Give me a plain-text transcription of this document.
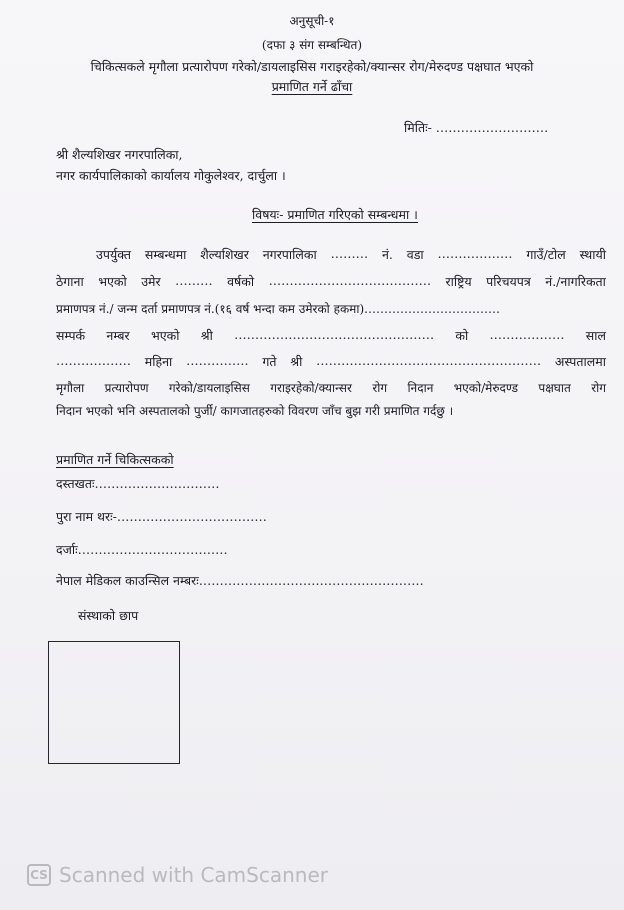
अनुसूची-१
(दफा ३ संग सम्बन्धित)
चिकित्सकले मृगौला प्रत्यारोपण गरेको/डायलाइसिस गराइरहेको/क्यान्सर रोग/मेरुदण्ड पक्षघात भएको
प्रमाणित गर्ने ढाँचा
मितिः- ………………………
श्री शैल्यशिखर नगरपालिका,
नगर कार्यपालिकाको कार्यालय गोकुलेश्वर, दार्चुला ।
विषयः- प्रमाणित गरिएको सम्बन्धमा ।
उपर्युक्त सम्बन्धमा शैल्यशिखर नगरपालिका ……… नं. वडा ……………… गाउँ/टोल स्थायी
ठेगाना भएको उमेर ……… वर्षको ………………………………… राष्ट्रिय परिचयपत्र नं./नागरिकता
प्रमाणपत्र नं./ जन्म दर्ता प्रमाणपत्र नं.(१६ वर्ष भन्दा कम उमेरको हकमा).……………………………
सम्पर्क नम्बर भएको श्री ………………………………………… को ……………… साल
……………… महिना …………… गते श्री ……………………………………………… अस्पतालमा
मृगौला प्रत्यारोपण गरेको/डायलाइसिस गराइरहेको/क्यान्सर रोग निदान भएको/मेरुदण्ड पक्षघात रोग
निदान भएको भनि अस्पतालको पुर्जी/ कागजातहरुको विवरण जाँच बुझ गरी प्रमाणित गर्दछु ।
प्रमाणित गर्ने चिकित्सकको
दस्तखतः…………………………
पुरा नाम थरः-………………………………
दर्जाः………………………………
नेपाल मेडिकल काउन्सिल नम्बरः………………………………………………
संस्थाको छाप
CS Scanned with CamScanner
